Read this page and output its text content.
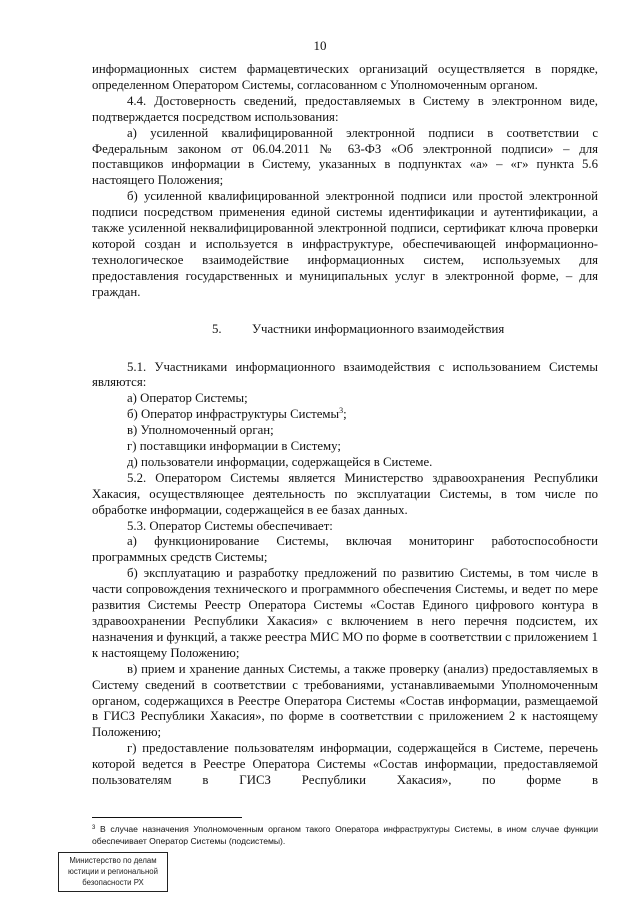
10

информационных систем фармацевтических организаций осуществляется в порядке, определенном Оператором Системы, согласованном с Уполномоченным органом.

4.4. Достоверность сведений, предоставляемых в Систему в электронном виде, подтверждается посредством использования:

а) усиленной квалифицированной электронной подписи в соответствии с Федеральным законом от 06.04.2011 № 63-ФЗ «Об электронной подписи» – для поставщиков информации в Систему, указанных в подпунктах «а» – «г» пункта 5.6 настоящего Положения;

б) усиленной квалифицированной электронной подписи или простой электронной подписи посредством применения единой системы идентификации и аутентификации, а также усиленной неквалифицированной электронной подписи, сертификат ключа проверки которой создан и используется в инфраструктуре, обеспечивающей информационно-технологическое взаимодействие информационных систем, используемых для предоставления государственных и муниципальных услуг в электронной форме, – для граждан.

5. Участники информационного взаимодействия

5.1. Участниками информационного взаимодействия с использованием Системы являются:

а) Оператор Системы;

б) Оператор инфраструктуры Системы$^3$;

в) Уполномоченный орган;

г) поставщики информации в Систему;

д) пользователи информации, содержащейся в Системе.

5.2. Оператором Системы является Министерство здравоохранения Республики Хакасия, осуществляющее деятельность по эксплуатации Системы, в том числе по обработке информации, содержащейся в ее базах данных.

5.3. Оператор Системы обеспечивает:

а) функционирование Системы, включая мониторинг работоспособности программных средств Системы;

б) эксплуатацию и разработку предложений по развитию Системы, в том числе в части сопровождения технического и программного обеспечения Системы, и ведет по мере развития Системы Реестр Оператора Системы «Состав Единого цифрового контура в здравоохранении Республики Хакасия» с включением в него перечня подсистем, их назначения и функций, а также реестра МИС МО по форме в соответствии с приложением 1 к настоящему Положению;

в) прием и хранение данных Системы, а также проверку (анализ) предоставляемых в Систему сведений в соответствии с требованиями, устанавливаемыми Уполномоченным органом, содержащихся в Реестре Оператора Системы «Состав информации, размещаемой в ГИСЗ Республики Хакасия», по форме в соответствии с приложением 2 к настоящему Положению;

г) предоставление пользователям информации, содержащейся в Системе, перечень которой ведется в Реестре Оператора Системы «Состав информации, предоставляемой пользователям в ГИСЗ Республики Хакасия», по форме в

$^3$ В случае назначения Уполномоченным органом такого Оператора инфраструктуры Системы, в ином случае функции обеспечивает Оператор Системы (подсистемы).
Министерство по делам
юстиции и региональной
безопасности РХ
